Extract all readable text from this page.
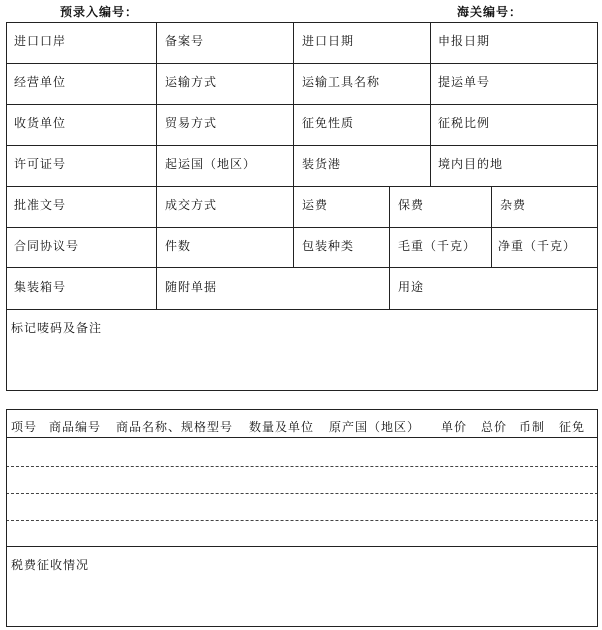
预录入编号：	海关编号：
进口口岸	备案号	进口日期	申报日期
经营单位	运输方式	运输工具名称	提运单号
收货单位	贸易方式	征免性质	征税比例
许可证号	起运国（地区）	装货港	境内目的地
批准文号	成交方式	运费	保费	杂费
合同协议号	件数	包装种类	毛重（千克） 净重（千克）
集装箱号	随附单据	用途
标记唛码及备注
项号 商品编号 商品名称、规格型号 数量及单位 原产国（地区） 单价 总价 币制 征免
税费征收情况
